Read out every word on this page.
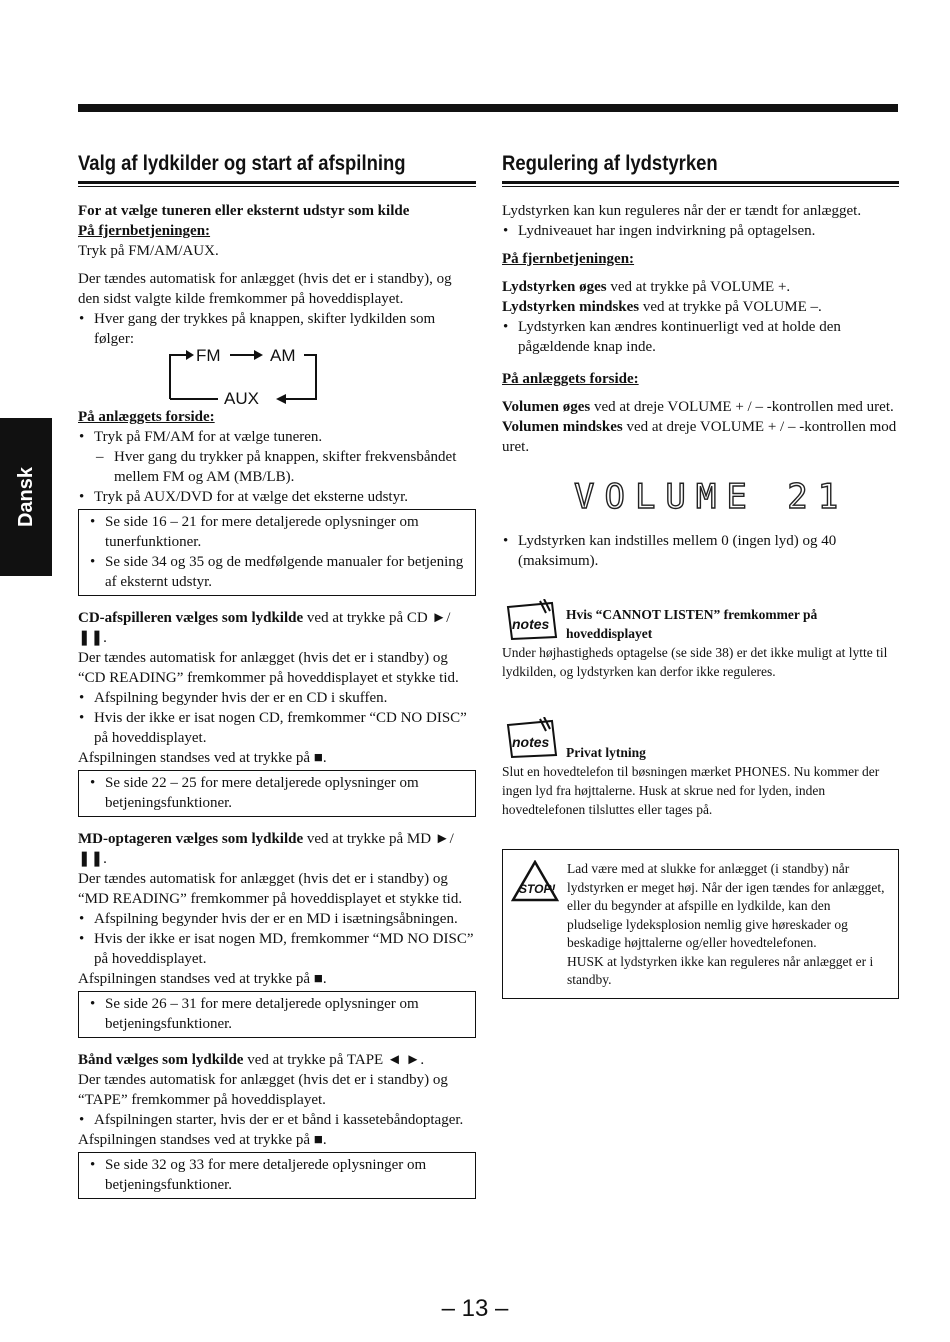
Dansk
Valg af lydkilder og start af afspilning

For at vælge tuneren eller eksternt udstyr som kilde

På fjernbetjeningen:

Tryk på FM/AM/AUX.

Der tændes automatisk for anlægget (hvis det er i standby), og den sidst valgte kilde fremkommer på hoveddisplayet.

• Hver gang der trykkes på knappen, skifter lydkilden som følger:

FM	AM
AUX

På anlæggets forside:

• Tryk på FM/AM for at vælge tuneren.

– Hver gang du trykker på knappen, skifter frekvensbåndet mellem FM og AM (MB/LB).

• Tryk på AUX/DVD for at vælge det eksterne udstyr.

• Se side 16 – 21 for mere detaljerede oplysninger om tunerfunktioner.

• Se side 34 og 35 og de medfølgende manualer for betjening af eksternt udstyr.

CD-afspilleren vælges som lydkilde ved at trykke på CD ►/❚❚.

Der tændes automatisk for anlægget (hvis det er i standby) og “CD READING” fremkommer på hoveddisplayet et stykke tid.

• Afspilning begynder hvis der er en CD i skuffen.

• Hvis der ikke er isat nogen CD, fremkommer “CD NO DISC” på hoveddisplayet.

Afspilningen standses ved at trykke på ■.

• Se side 22 – 25 for mere detaljerede oplysninger om betjeningsfunktioner.

MD-optageren vælges som lydkilde ved at trykke på MD ►/❚❚.

Der tændes automatisk for anlægget (hvis det er i standby) og “MD READING” fremkommer på hoveddisplayet et stykke tid.

• Afspilning begynder hvis der er en MD i isætningsåbningen.

• Hvis der ikke er isat nogen MD, fremkommer “MD NO DISC” på hoveddisplayet.

Afspilningen standses ved at trykke på ■.

• Se side 26 – 31 for mere detaljerede oplysninger om betjeningsfunktioner.

Bånd vælges som lydkilde ved at trykke på TAPE ◄ ►.

Der tændes automatisk for anlægget (hvis det er i standby) og “TAPE” fremkommer på hoveddisplayet.

• Afspilningen starter, hvis der er et bånd i kassetebåndoptager.

Afspilningen standses ved at trykke på ■.

• Se side 32 og 33 for mere detaljerede oplysninger om betjeningsfunktioner.

Regulering af lydstyrken

Lydstyrken kan kun reguleres når der er tændt for anlægget.

• Lydniveauet har ingen indvirkning på optagelsen.

På fjernbetjeningen:

Lydstyrken øges ved at trykke på VOLUME +.

Lydstyrken mindskes ved at trykke på VOLUME –.

• Lydstyrken kan ændres kontinuerligt ved at holde den pågældende knap inde.

På anlæggets forside:

Volumen øges ved at dreje VOLUME + / – -kontrollen med uret.

Volumen mindskes ved at dreje VOLUME + / – -kontrollen mod uret.

VOLUME 21

• Lydstyrken kan indstilles mellem 0 (ingen lyd) og 40 (maksimum).

notes

Hvis “CANNOT LISTEN” fremkommer på hoveddisplayet

Under højhastigheds optagelse (se side 38) er det ikke muligt at lytte til lydkilden, og lydstyrken kan derfor ikke reguleres.

notes

Privat lytning

Slut en hovedtelefon til bøsningen mærket PHONES. Nu kommer der ingen lyd fra højttalerne. Husk at skrue ned for lyden, inden hovedtelefonen tilsluttes eller tages på.

STOP!

Lad være med at slukke for anlægget (i standby) når lydstyrken er meget høj. Når der igen tændes for anlægget, eller du begynder at afspille en lydkilde, kan den pludselige lydeksplosion nemlig give høreskader og beskadige højttalerne og/eller hovedtelefonen.

HUSK at lydstyrken ikke kan reguleres når anlægget er i standby.

– 13 –
